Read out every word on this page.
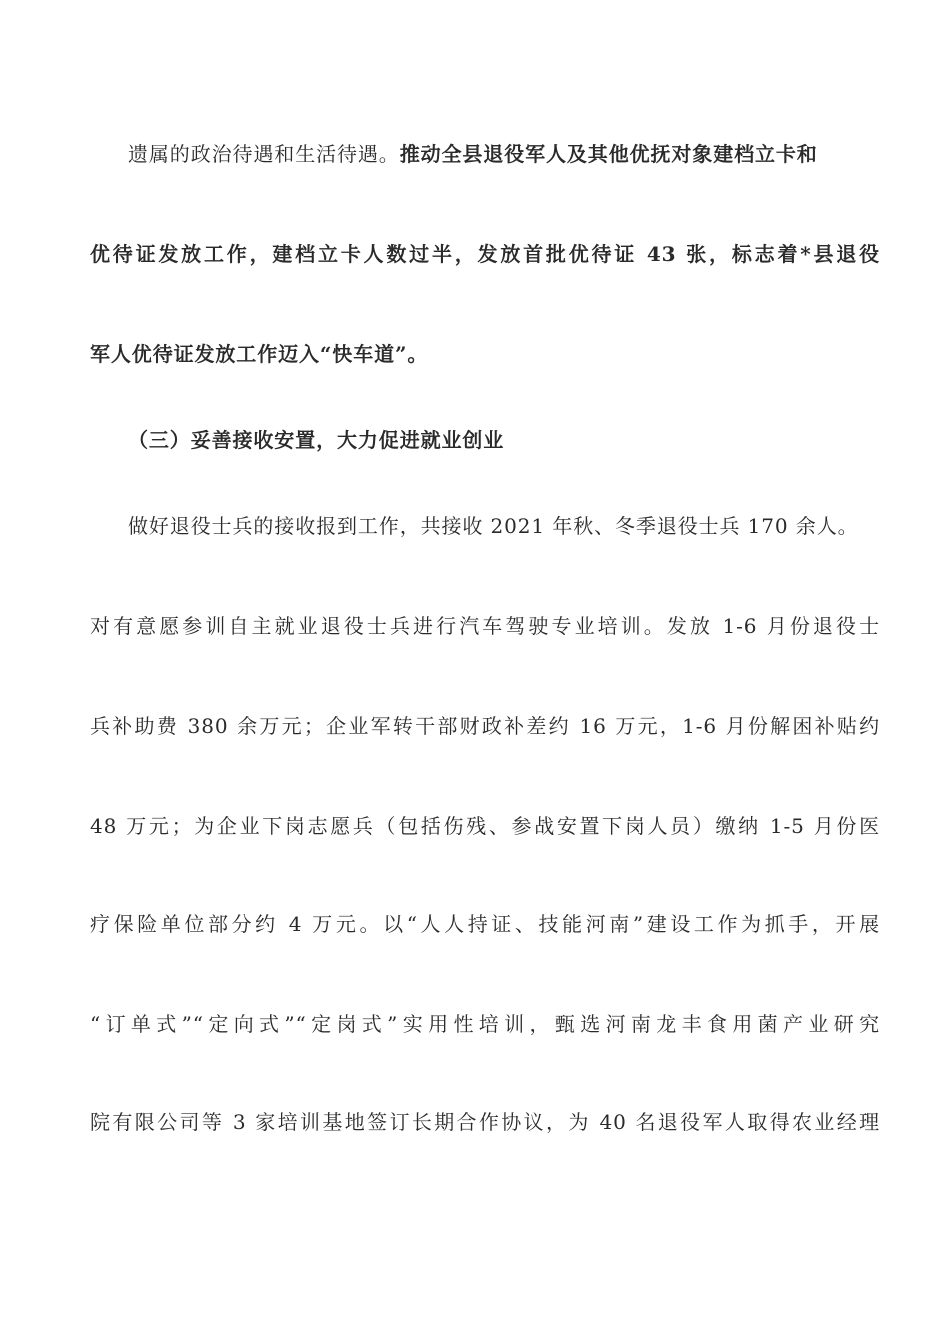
遗属的政治待遇和生活待遇。推动全县退役军人及其他优抚对象建档立卡和
优待证发放工作，建档立卡人数过半，发放首批优待证 43 张，标志着*县退役
军人优待证发放工作迈入“快车道”。
（三）妥善接收安置，大力促进就业创业
做好退役士兵的接收报到工作，共接收 2021 年秋、冬季退役士兵 170 余人。
对有意愿参训自主就业退役士兵进行汽车驾驶专业培训。发放 1-6 月份退役士
兵补助费 380 余万元；企业军转干部财政补差约 16 万元，1-6 月份解困补贴约
48 万元；为企业下岗志愿兵（包括伤残、参战安置下岗人员）缴纳 1-5 月份医
疗保险单位部分约 4 万元。以“人人持证、技能河南”建设工作为抓手，开展
“订单式”“定向式”“定岗式”实用性培训，甄选河南龙丰食用菌产业研究
院有限公司等 3 家培训基地签订长期合作协议，为 40 名退役军人取得农业经理
